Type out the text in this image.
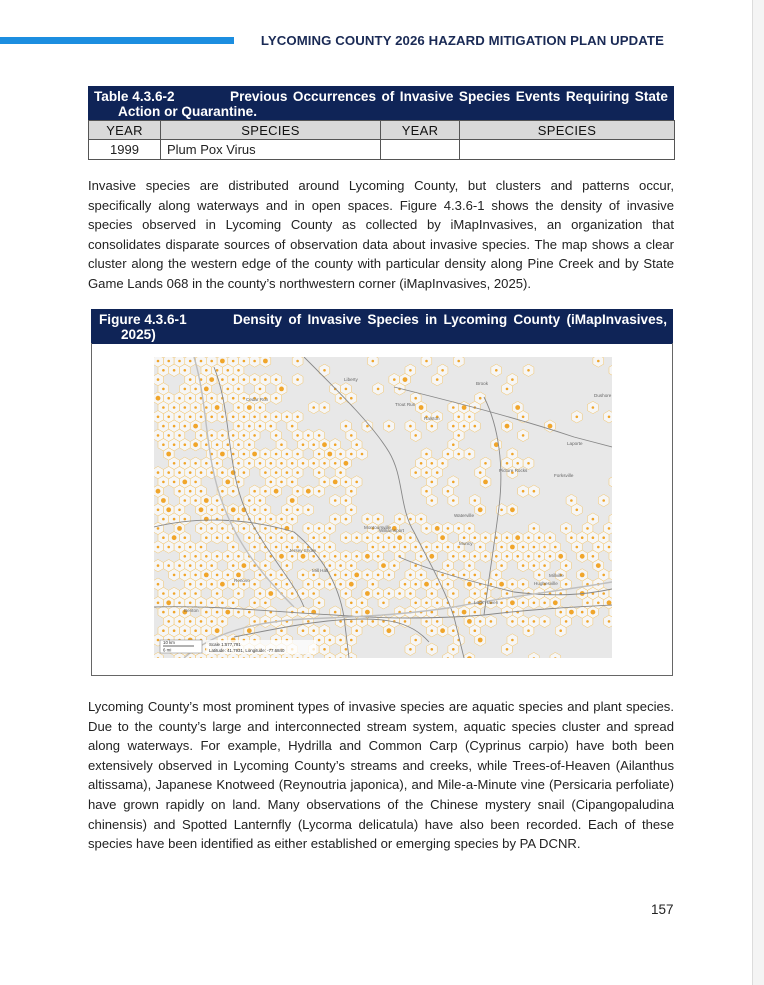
LYCOMING COUNTY 2026 HAZARD MITIGATION PLAN UPDATE
Table 4.3.6-2	Previous Occurrences of Invasive Species Events Requiring State
Action or Quarantine.
YEAR	SPECIES	YEAR	SPECIES
1999	Plum Pox Virus		

Invasive species are distributed around Lycoming County, but clusters and patterns occur, specifically along waterways and in open spaces. Figure 4.3.6-1 shows the density of invasive species observed in Lycoming County as collected by iMapInvasives, an organization that consolidates disparate sources of observation data about invasive species. The map shows a clear cluster along the western edge of the county with particular density along Pine Creek and by State Game Lands 068 in the county’s northwestern corner (iMapInvasives, 2025).

Figure 4.3.6-1	Density of Invasive Species in Lycoming County (iMapInvasives,
2025)
Liberty
Brook
Dushore
Cedar Run
Trout Run
Laporte
Ralston
Forksville
Picture Rocks
Muncy
Waterville
Jersey Shore
Williamsport
Montoursville
Lock Haven
Hughesville
Mill Hall
Renovo
Benton
Millville
10 km
6 mi
Scale 1:577,791
Latitude: 41.7931, Longitude: -77.6840

Lycoming County’s most prominent types of invasive species are aquatic species and plant species. Due to the county’s large and interconnected stream system, aquatic species cluster and spread along waterways. For example, Hydrilla and Common Carp (Cyprinus carpio) have both been extensively observed in Lycoming County’s streams and creeks, while Trees-of-Heaven (Ailanthus altissama), Japanese Knotweed (Reynoutria japonica), and Mile-a-Minute vine (Persicaria perfoliate) have grown rapidly on land. Many observations of the Chinese mystery snail (Cipangopaludina chinensis) and Spotted Lanternfly (Lycorma delicatula) have also been recorded. Each of these species have been identified as either established or emerging species by PA DCNR.

157
